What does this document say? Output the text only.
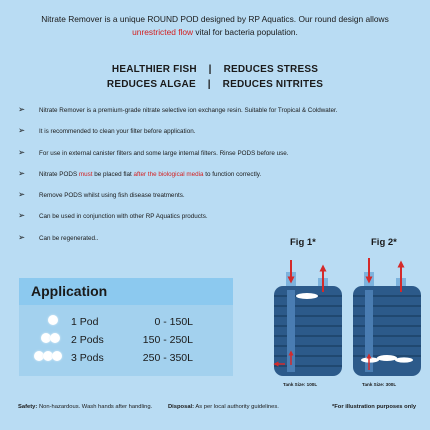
Nitrate Remover is a unique ROUND POD designed by RP Aquatics. Our round design allows
unrestricted flow vital for bacteria population.
HEALTHIER FISH | REDUCES STRESS
REDUCES ALGAE | REDUCES NITRITES
➢ Nitrate Remover is a premium-grade nitrate selective ion exchange resin. Suitable for Tropical & Coldwater.
➢ It is recommended to clean your filter before application.
➢ For use in external canister filters and some large internal filters. Rinse PODS before use.
➢ Nitrate PODS must be placed flat after the biological media to function correctly.
➢ Remove PODS whilst using fish disease treatments.
➢ Can be used in conjunction with other RP Aquatics products.
➢ Can be regenerated..
Application
1 Pod	0 - 150L
2 Pods	150 - 250L
3 Pods	250 - 350L
Fig 1*	Fig 2*
Tank Size: 100L	Tank Size: 300L
Safety: Non-hazardous. Wash hands after handling.	Disposal: As per local authority guidelines.	*For illustration purposes only
